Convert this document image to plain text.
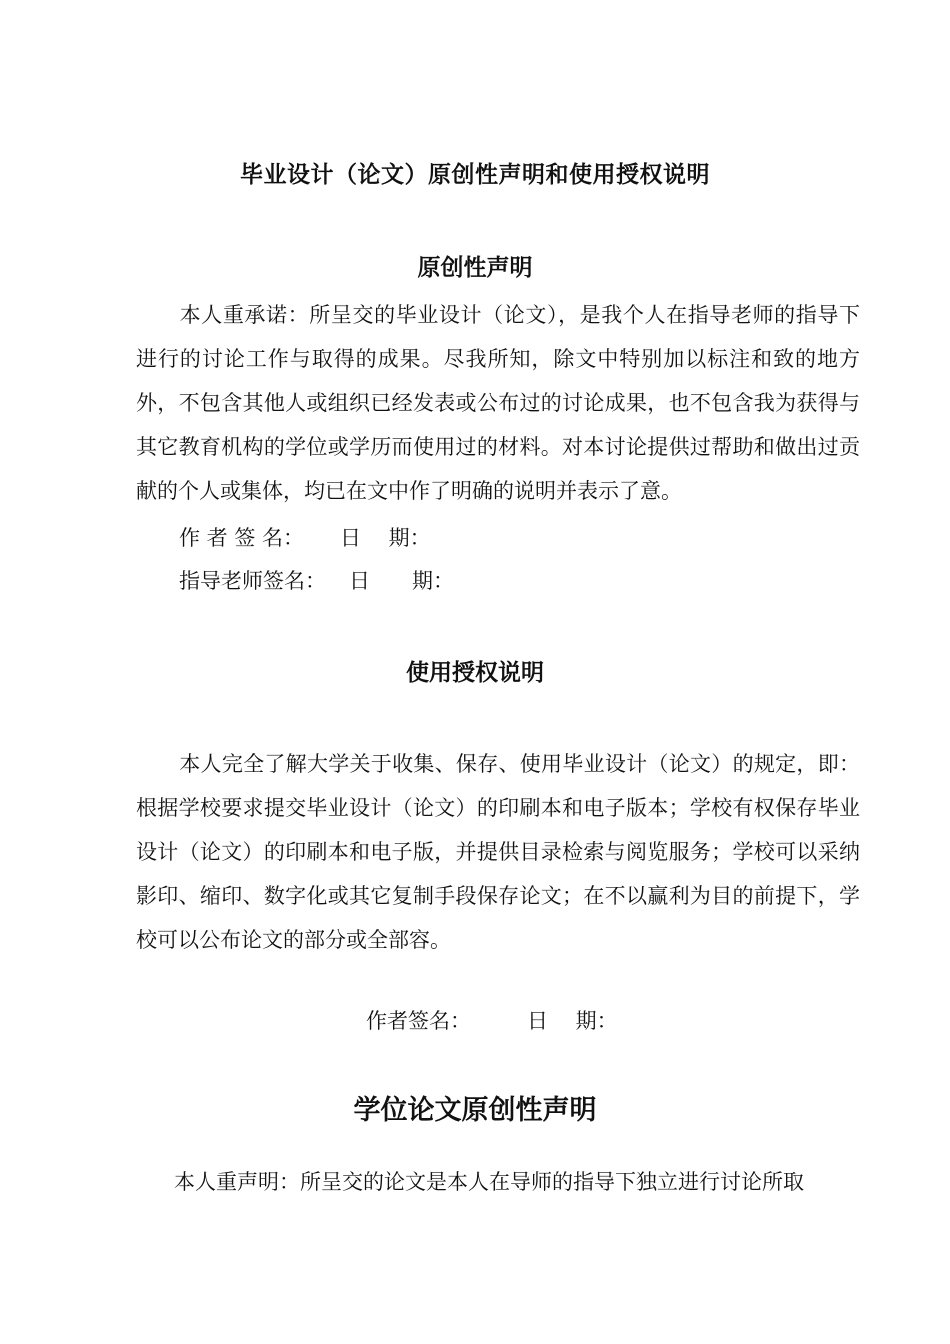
毕业设计（论文）原创性声明和使用授权说明
原创性声明
本人重承诺：所呈交的毕业设计（论文），是我个人在指导老师的指导下进行的讨论工作与取得的成果。尽我所知，除文中特别加以标注和致的地方外，不包含其他人或组织已经发表或公布过的讨论成果，也不包含我为获得与其它教育机构的学位或学历而使用过的材料。对本讨论提供过帮助和做出过贡献的个人或集体，均已在文中作了明确的说明并表示了意。
作 者 签 名： 日　 期：
指导老师签名： 日　　期：
使用授权说明
本人完全了解大学关于收集、保存、使用毕业设计（论文）的规定，即：根据学校要求提交毕业设计（论文）的印刷本和电子版本；学校有权保存毕业设计（论文）的印刷本和电子版，并提供目录检索与阅览服务；学校可以采纳影印、缩印、数字化或其它复制手段保存论文；在不以赢利为目的前提下，学校可以公布论文的部分或全部容。
作者签名：	日　 期：
学位论文原创性声明
本人重声明：所呈交的论文是本人在导师的指导下独立进行讨论所取
